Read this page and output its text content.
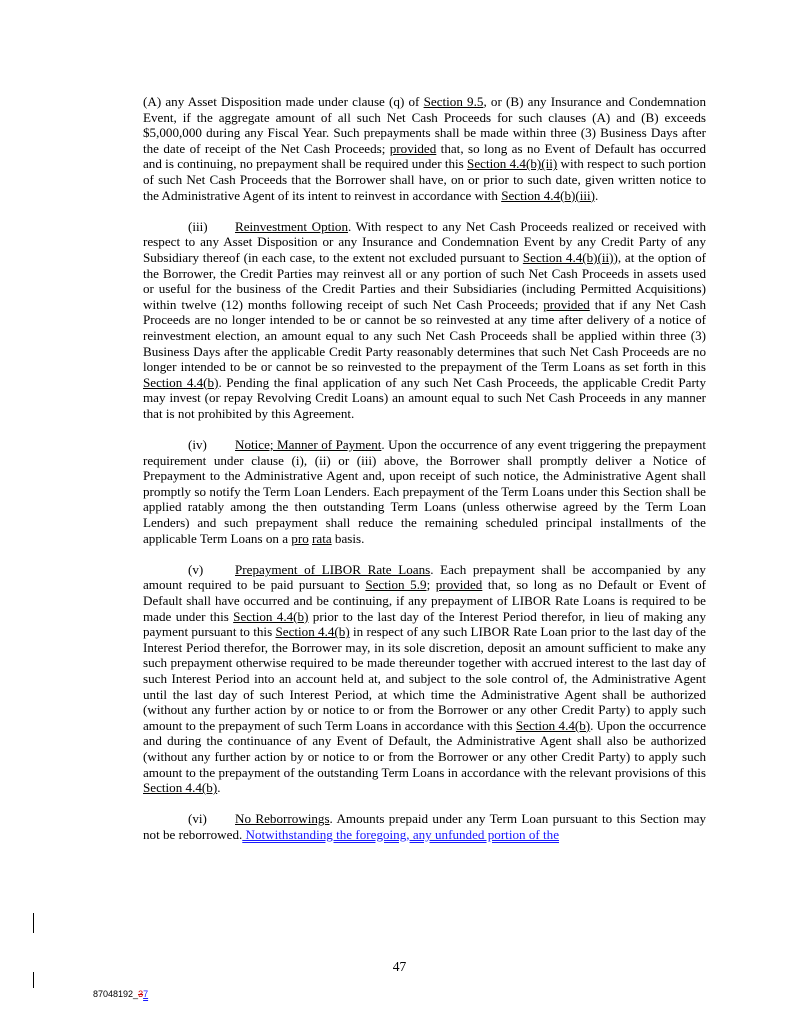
(A) any Asset Disposition made under clause (q) of Section 9.5, or (B) any Insurance and Condemnation Event, if the aggregate amount of all such Net Cash Proceeds for such clauses (A) and (B) exceeds $5,000,000 during any Fiscal Year. Such prepayments shall be made within three (3) Business Days after the date of receipt of the Net Cash Proceeds; provided that, so long as no Event of Default has occurred and is continuing, no prepayment shall be required under this Section 4.4(b)(ii) with respect to such portion of such Net Cash Proceeds that the Borrower shall have, on or prior to such date, given written notice to the Administrative Agent of its intent to reinvest in accordance with Section 4.4(b)(iii).

(iii) Reinvestment Option. With respect to any Net Cash Proceeds realized or received with respect to any Asset Disposition or any Insurance and Condemnation Event by any Credit Party of any Subsidiary thereof (in each case, to the extent not excluded pursuant to Section 4.4(b)(ii)), at the option of the Borrower, the Credit Parties may reinvest all or any portion of such Net Cash Proceeds in assets used or useful for the business of the Credit Parties and their Subsidiaries (including Permitted Acquisitions) within twelve (12) months following receipt of such Net Cash Proceeds; provided that if any Net Cash Proceeds are no longer intended to be or cannot be so reinvested at any time after delivery of a notice of reinvestment election, an amount equal to any such Net Cash Proceeds shall be applied within three (3) Business Days after the applicable Credit Party reasonably determines that such Net Cash Proceeds are no longer intended to be or cannot be so reinvested to the prepayment of the Term Loans as set forth in this Section 4.4(b). Pending the final application of any such Net Cash Proceeds, the applicable Credit Party may invest (or repay Revolving Credit Loans) an amount equal to such Net Cash Proceeds in any manner that is not prohibited by this Agreement.

(iv) Notice; Manner of Payment. Upon the occurrence of any event triggering the prepayment requirement under clause (i), (ii) or (iii) above, the Borrower shall promptly deliver a Notice of Prepayment to the Administrative Agent and, upon receipt of such notice, the Administrative Agent shall promptly so notify the Term Loan Lenders. Each prepayment of the Term Loans under this Section shall be applied ratably among the then outstanding Term Loans (unless otherwise agreed by the Term Loan Lenders) and such prepayment shall reduce the remaining scheduled principal installments of the applicable Term Loans on a pro rata basis.

(v) Prepayment of LIBOR Rate Loans. Each prepayment shall be accompanied by any amount required to be paid pursuant to Section 5.9; provided that, so long as no Default or Event of Default shall have occurred and be continuing, if any prepayment of LIBOR Rate Loans is required to be made under this Section 4.4(b) prior to the last day of the Interest Period therefor, in lieu of making any payment pursuant to this Section 4.4(b) in respect of any such LIBOR Rate Loan prior to the last day of the Interest Period therefor, the Borrower may, in its sole discretion, deposit an amount sufficient to make any such prepayment otherwise required to be made thereunder together with accrued interest to the last day of such Interest Period into an account held at, and subject to the sole control of, the Administrative Agent until the last day of such Interest Period, at which time the Administrative Agent shall be authorized (without any further action by or notice to or from the Borrower or any other Credit Party) to apply such amount to the prepayment of such Term Loans in accordance with this Section 4.4(b). Upon the occurrence and during the continuance of any Event of Default, the Administrative Agent shall also be authorized (without any further action by or notice to or from the Borrower or any other Credit Party) to apply such amount to the prepayment of the outstanding Term Loans in accordance with the relevant provisions of this Section 4.4(b).

(vi) No Reborrowings. Amounts prepaid under any Term Loan pursuant to this Section may not be reborrowed. Notwithstanding the foregoing, any unfunded portion of the

47
87048192_37
